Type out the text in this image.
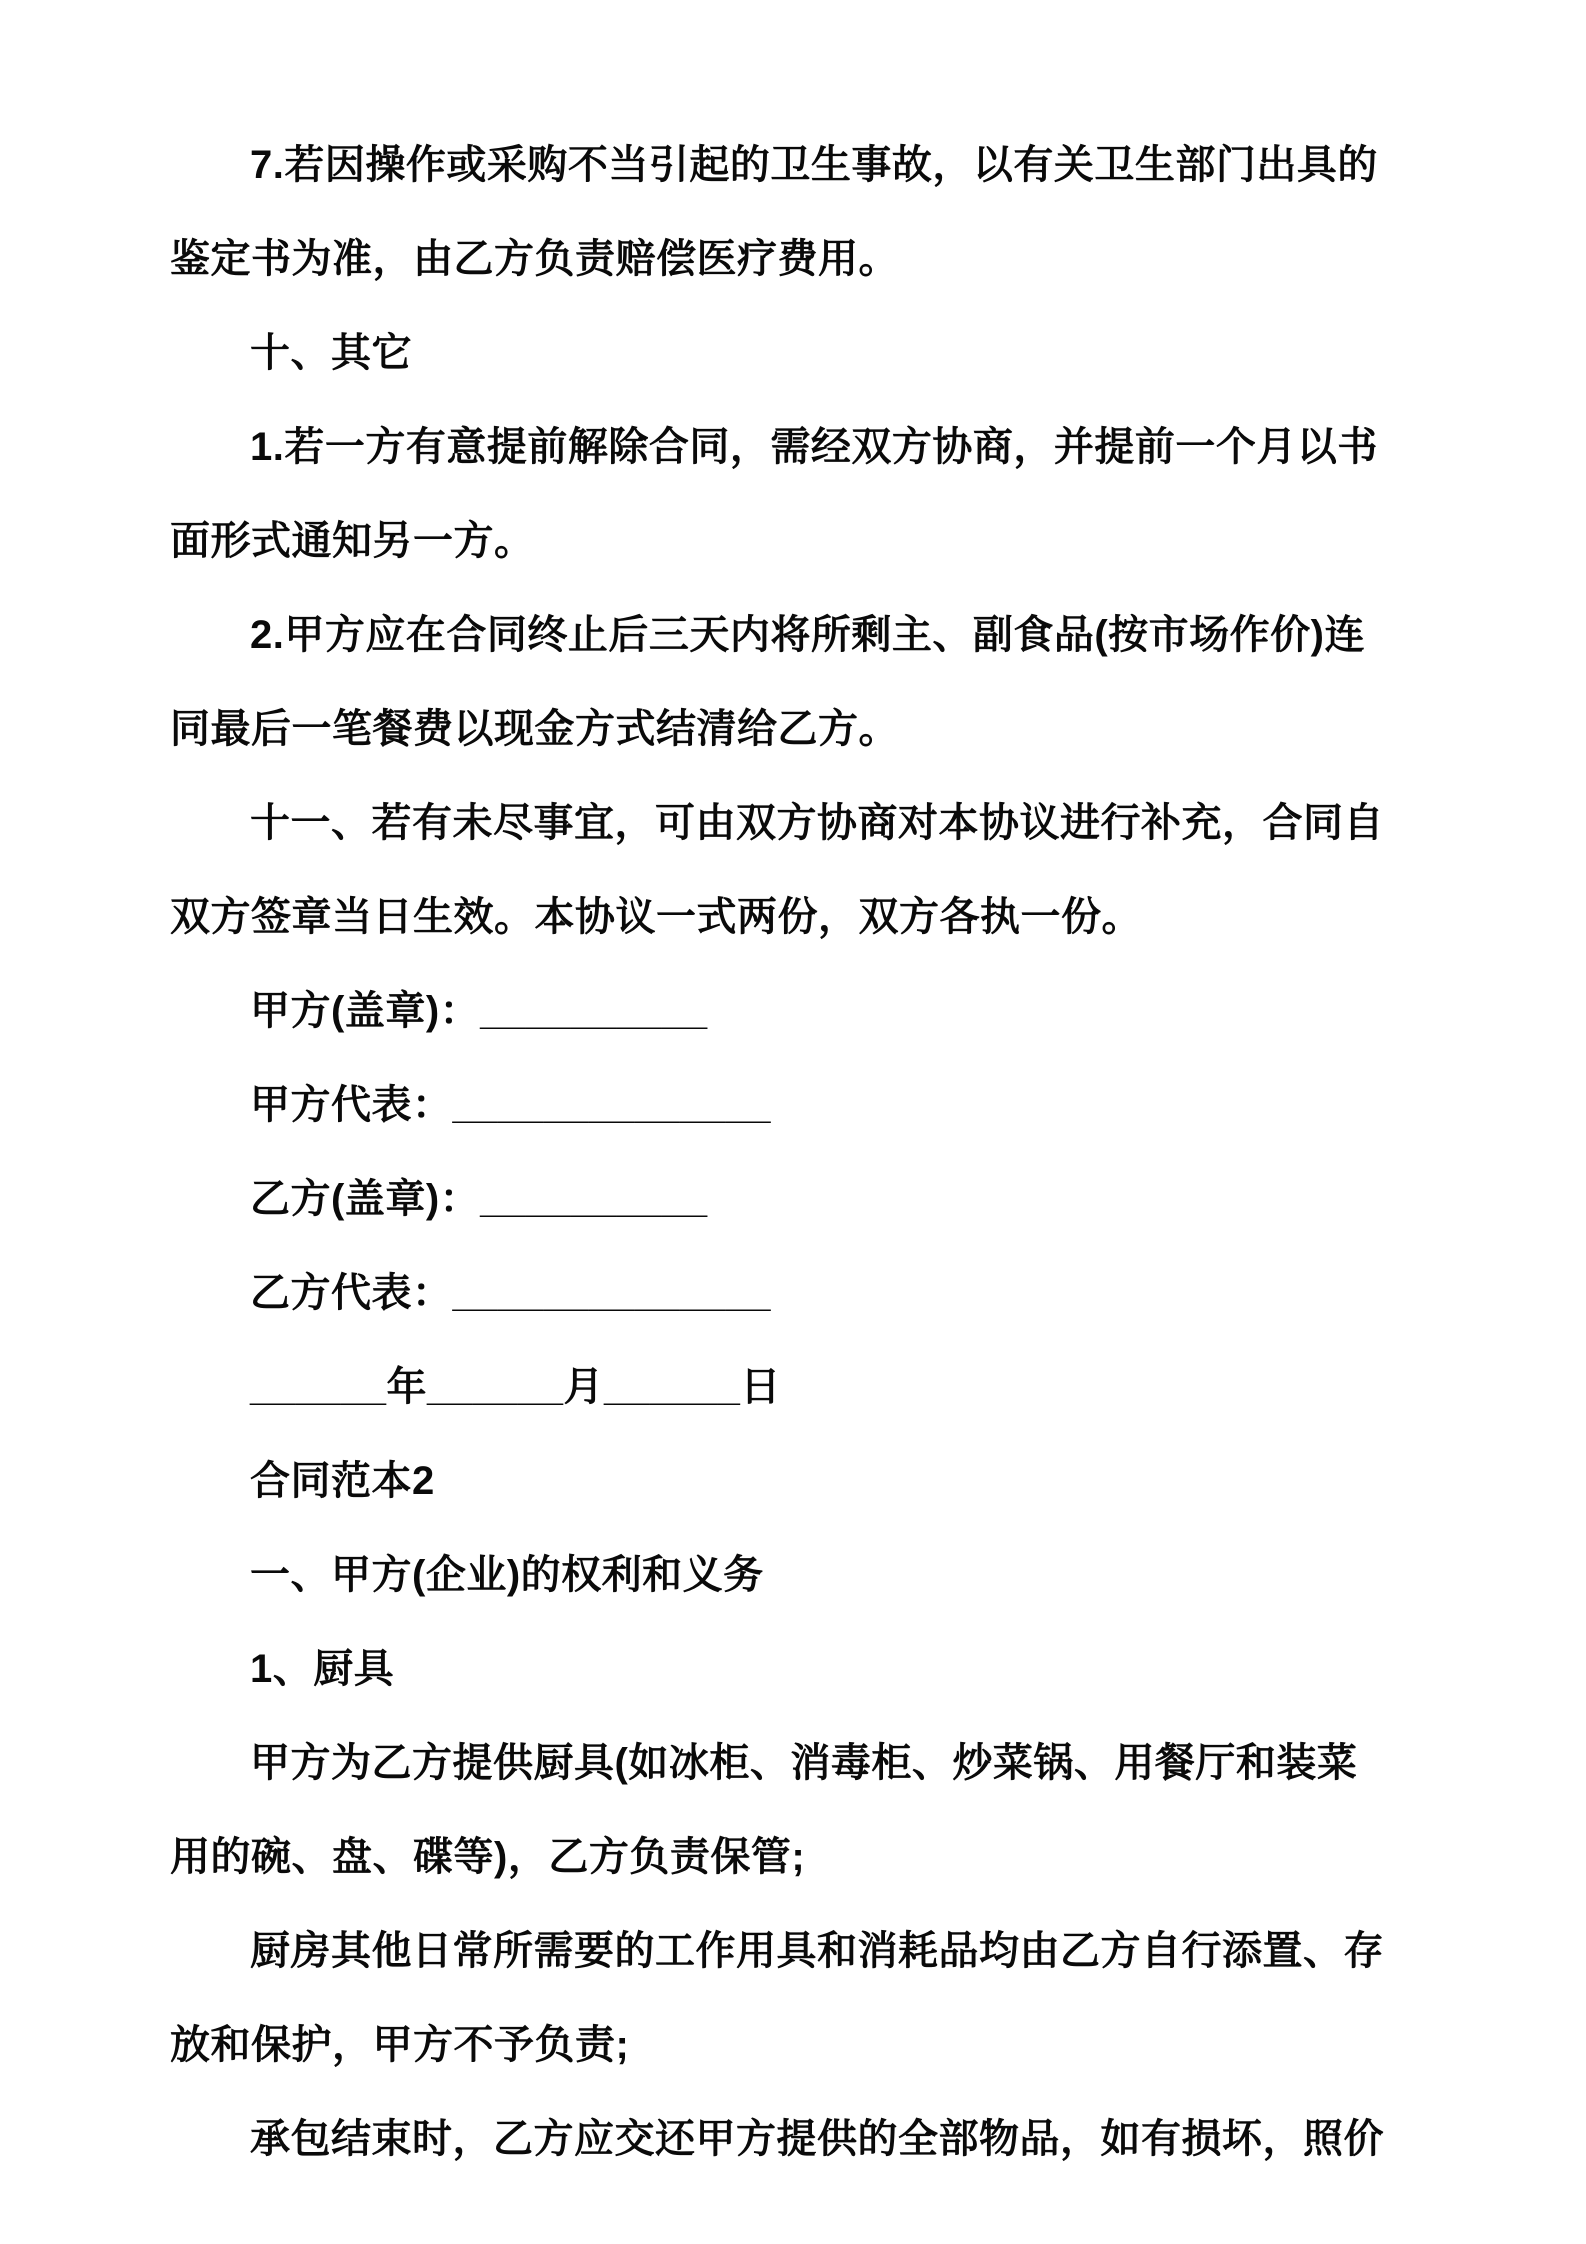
7.若因操作或采购不当引起的卫生事故，以有关卫生部门出具的
鉴定书为准，由乙方负责赔偿医疗费用。
十、其它
1.若一方有意提前解除合同，需经双方协商，并提前一个月以书
面形式通知另一方。
2.甲方应在合同终止后三天内将所剩主、副食品(按市场作价)连
同最后一笔餐费以现金方式结清给乙方。
十一、若有未尽事宜，可由双方协商对本协议进行补充，合同自
双方签章当日生效。本协议一式两份，双方各执一份。
甲方(盖章)：__________
甲方代表：______________
乙方(盖章)：__________
乙方代表：______________
______年______月______日
合同范本2
一、甲方(企业)的权利和义务
1、厨具
甲方为乙方提供厨具(如冰柜、消毒柜、炒菜锅、用餐厅和装菜
用的碗、盘、碟等)，乙方负责保管;
厨房其他日常所需要的工作用具和消耗品均由乙方自行添置、存
放和保护，甲方不予负责;
承包结束时，乙方应交还甲方提供的全部物品，如有损坏，照价
